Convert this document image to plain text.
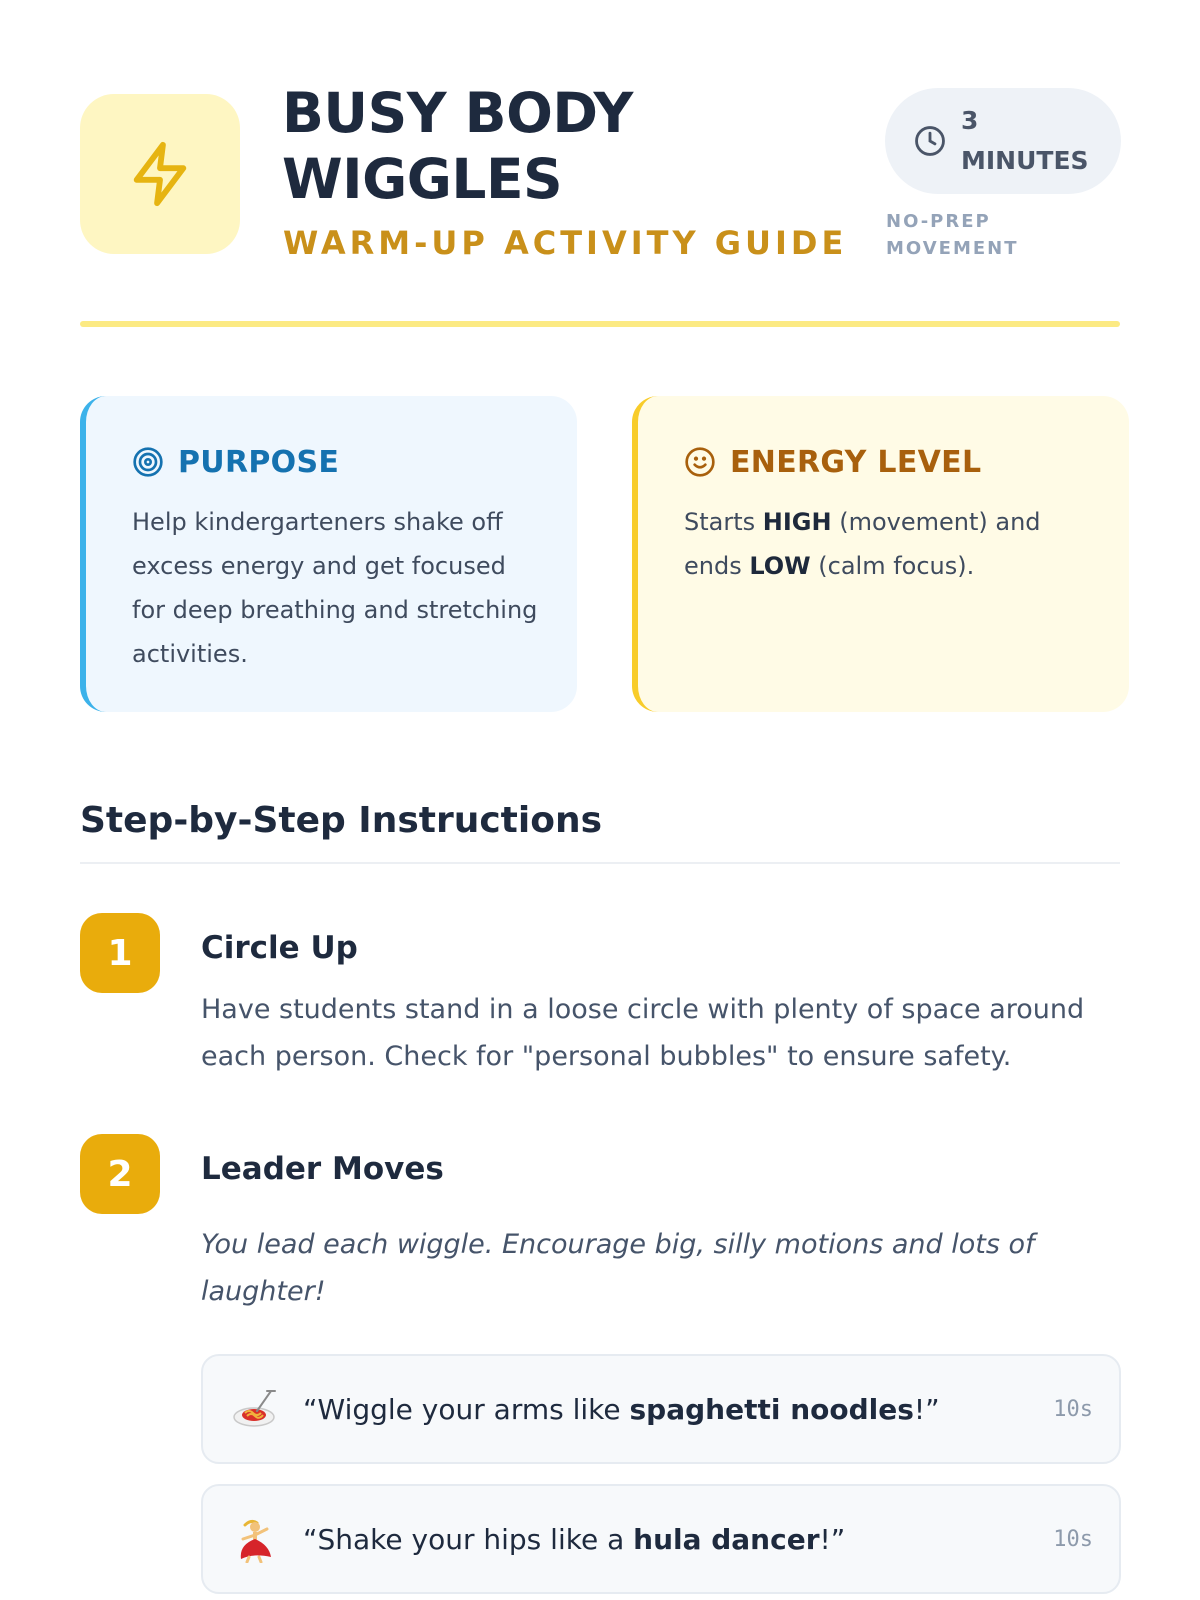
BUSY BODY WIGGLES
WARM-UP ACTIVITY GUIDE
3 MINUTES
NO-PREP MOVEMENT
PURPOSE
Help kindergarteners shake off excess energy and get focused for deep breathing and stretching activities.
ENERGY LEVEL
Starts HIGH (movement) and ends LOW (calm focus).
Step-by-Step Instructions
1	Circle Up
Have students stand in a loose circle with plenty of space around each person. Check for "personal bubbles" to ensure safety.
2	Leader Moves
You lead each wiggle. Encourage big, silly motions and lots of laughter!
“Wiggle your arms like spaghetti noodles!”	10s
“Shake your hips like a hula dancer!”	10s
